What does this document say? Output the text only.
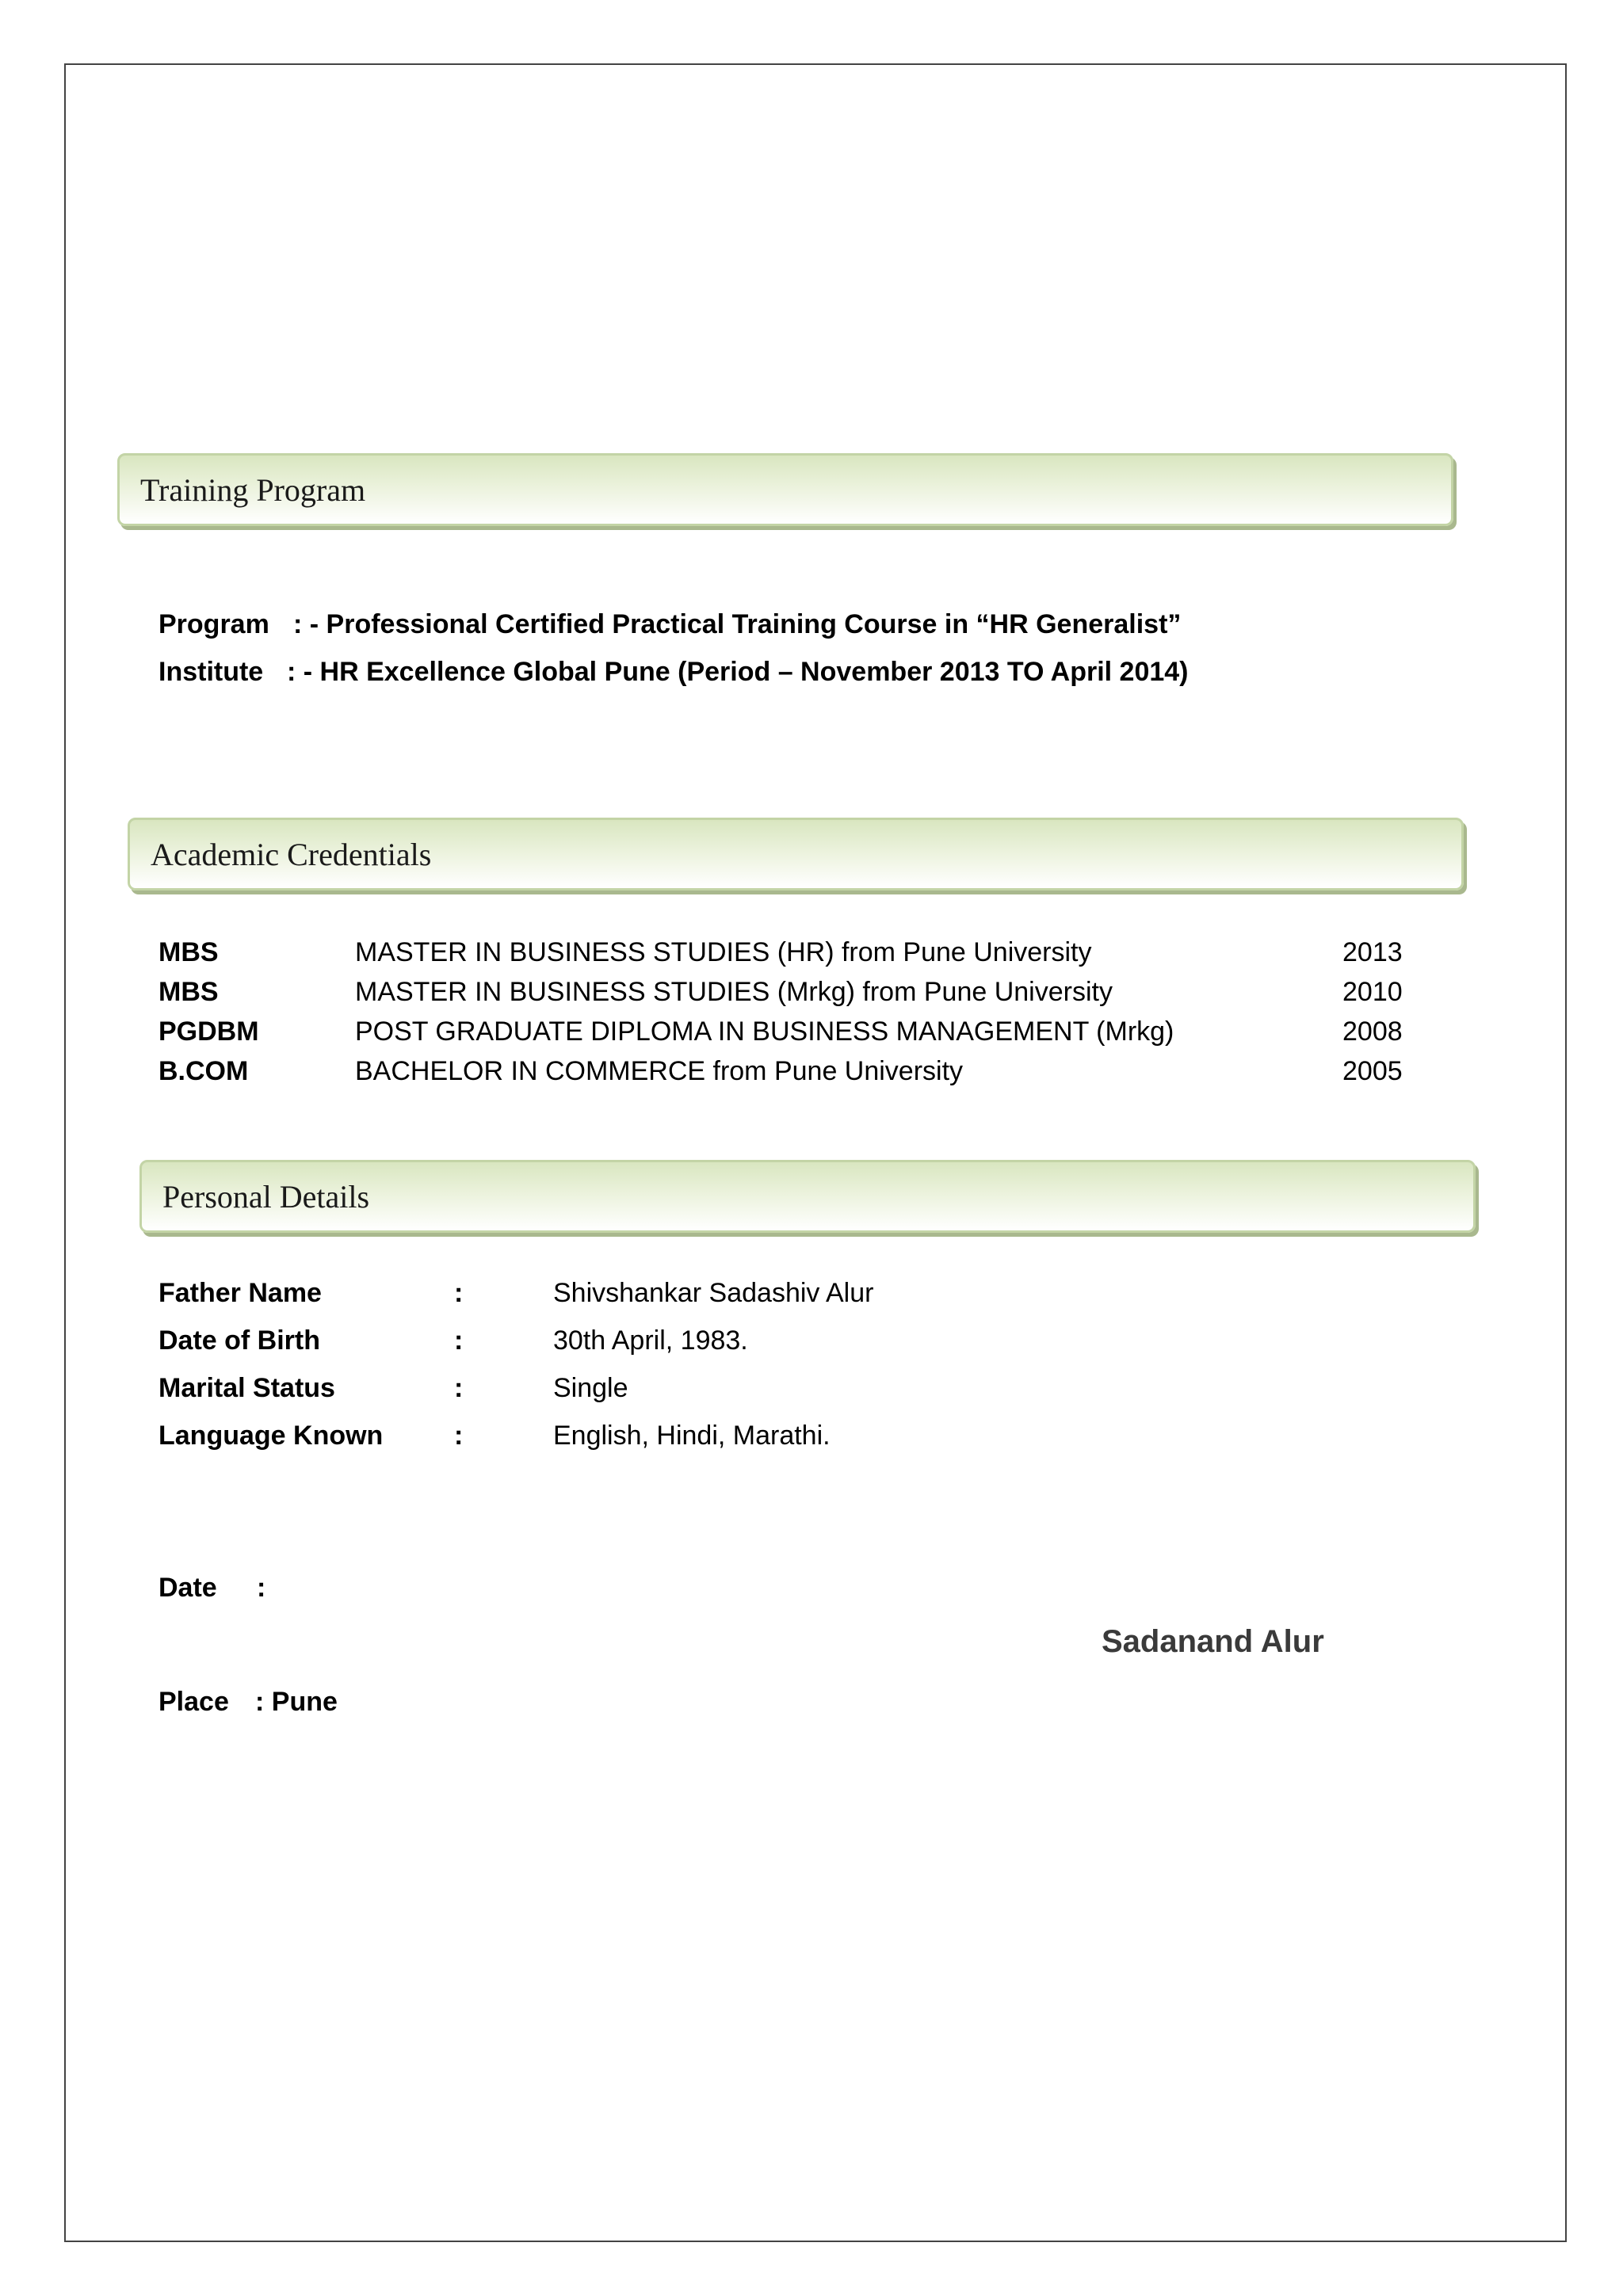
Training Program
Program : - Professional Certified Practical Training Course in “HR Generalist”
Institute : - HR Excellence Global Pune (Period – November 2013 TO April 2014)
Academic Credentials
MBS	MASTER IN BUSINESS STUDIES (HR) from Pune University	2013
MBS	MASTER IN BUSINESS STUDIES (Mrkg) from Pune University	2010
PGDBM	POST GRADUATE DIPLOMA IN BUSINESS MANAGEMENT (Mrkg)	2008
B.COM	BACHELOR IN COMMERCE from Pune University	2005
Personal Details
Father Name	:	Shivshankar Sadashiv Alur
Date of Birth	:	30th April, 1983.
Marital Status	:	Single
Language Known	:	English, Hindi, Marathi.
Date :
Sadanand Alur
Place : Pune
